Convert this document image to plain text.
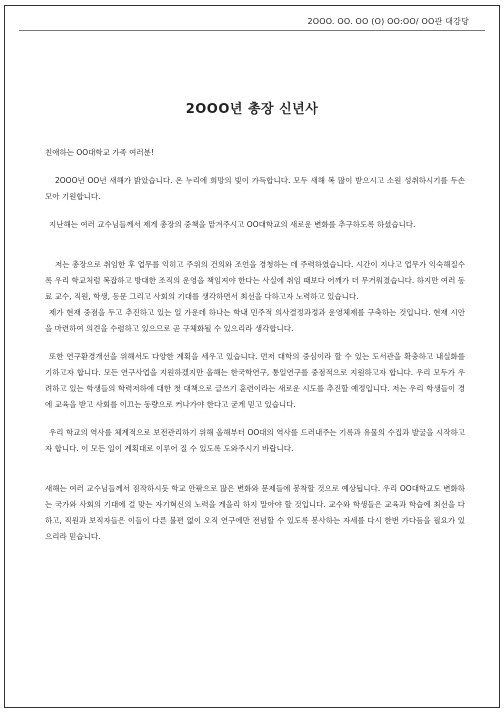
2OOO. OO. OO (O) OO:OO/ OO관 대강당
2OOO년 총장 신년사

친애하는 OO대학교 가족 여러분!

2OOO년 OO년 새해가 밝았습니다. 온 누리에 희망의 빛이 가득합니다. 모두 새해 복 많이 받으시고 소원 성취하시기를 두손 모아 기원합니다.

지난해는 여러 교수님들께서 제게 총장의 중책을 맡겨주시고 OO대학교의 새로운 변화를 추구하도록 하셨습니다.

저는 총장으로 취임한 후 업무를 익히고 주위의 건의와 조언을 경청하는 데 주력하였습니다. 시간이 지나고 업무가 익숙해질수록 우리 학교처럼 복잡하고 방대한 조직의 운영을 책임져야 한다는 사실에 취임 때보다 어깨가 더 무거워졌습니다. 하지만 여러 동료 교수, 직원, 학생, 동문 그리고 사회의 기대를 생각하면서 최선을 다하고자 노력하고 있습니다.

제가 현재 중점을 두고 추진하고 있는 일 가운데 하나는 학내 민주적 의사결정과정과 운영체제를 구축하는 것입니다. 현재 시안을 마련하여 의견을 수렴하고 있으므로 곧 구체화될 수 있으리라 생각합니다.

또한 연구환경개선을 위해서도 다양한 계획을 세우고 있습니다. 먼저 대학의 중심이라 할 수 있는 도서관을 확충하고 내실화를 기하고자 합니다. 모든 연구사업을 지원하겠지만 올해는 한국학연구, 통일연구를 중점적으로 지원하고자 합니다. 우리 모두가 우려하고 있는 학생들의 학력저하에 대한 첫 대책으로 글쓰기 훈련이라는 새로운 시도를 추진할 예정입니다. 저는 우리 학생들이 경에 교육을 받고 사회를 이끄는 동량으로 커나가야 한다고 굳게 믿고 있습니다.

우리 학교의 역사를 체계적으로 보전관리하기 위해 올해부터 OO대의 역사를 드러내주는 기록과 유물의 수집과 발굴을 시작하고자 합니다. 이 모든 일이 계획대로 이루어 질 수 있도록 도와주시기 바랍니다.

새해는 여러 교수님들께서 짐작하시듯 학교 안팎으로 많은 변화와 문제들에 봉착할 것으로 예상됩니다. 우리 OO대학교도 변화하는 국가와 사회의 기대에 걸 맞는 자기혁신의 노력을 게을리 하지 말아야 할 것입니다. 교수와 학생들은 교육과 학습에 최선을 다하고, 직원과 보직자들은 이들이 다른 불편 없이 오직 연구에만 전념할 수 있도록 봉사하는 자세를 다시 한번 가다듬을 필요가 있으리라 믿습니다.
